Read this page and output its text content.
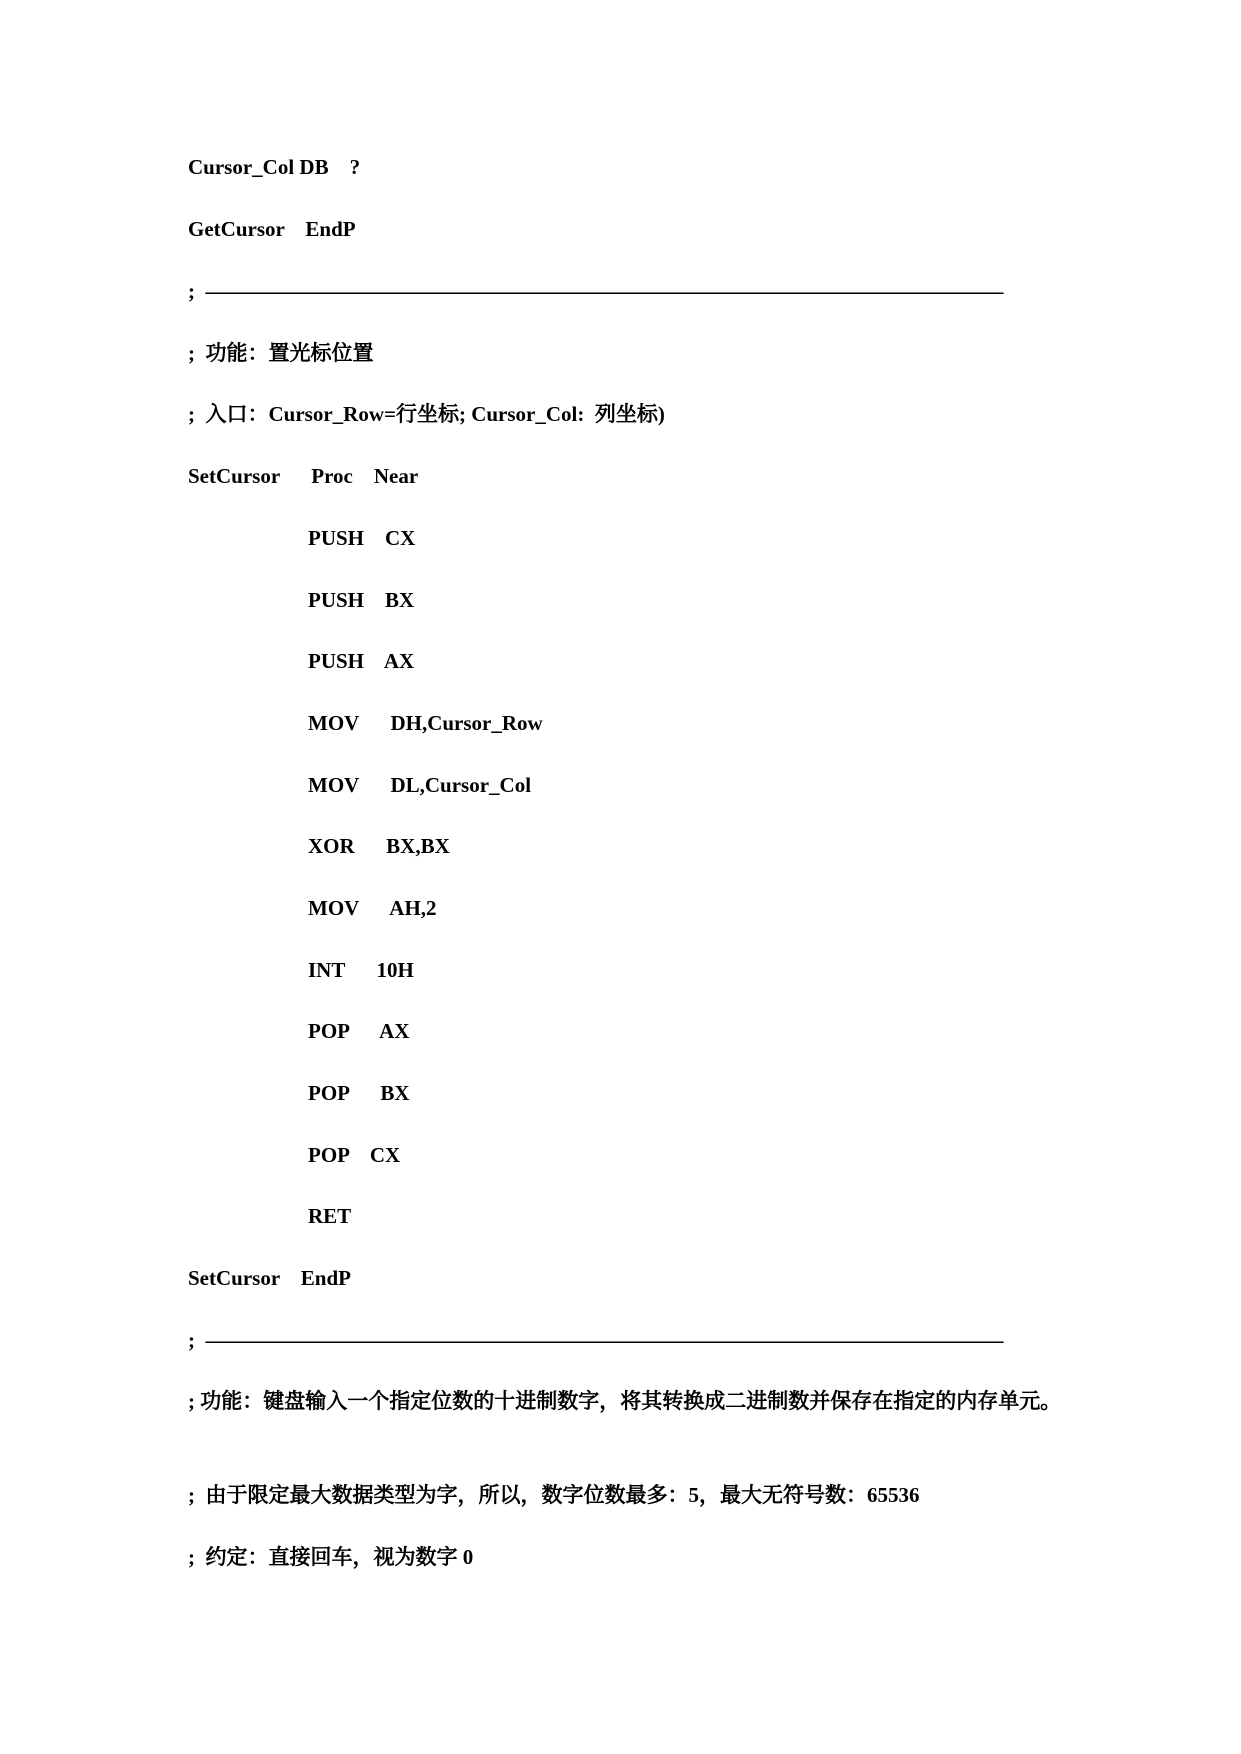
Cursor_Col DB    ?
GetCursor    EndP
;  ——————————————————————————————————————
;  功能：置光标位置
;  入口：Cursor_Row=行坐标; Cursor_Col:  列坐标)
SetCursor      Proc    Near
PUSH    CX
PUSH    BX
PUSH    AX
MOV      DH,Cursor_Row
MOV      DL,Cursor_Col
XOR      BX,BX
MOV      AH,2
INT      10H
POP      AX
POP      BX
POP    CX
RET
SetCursor    EndP
;  ——————————————————————————————————————
; 功能：键盘输入一个指定位数的十进制数字，将其转换成二进制数并保存在指定的内存单元。
;  由于限定最大数据类型为字，所以，数字位数最多：5，最大无符号数：65536
;  约定：直接回车，视为数字 0
